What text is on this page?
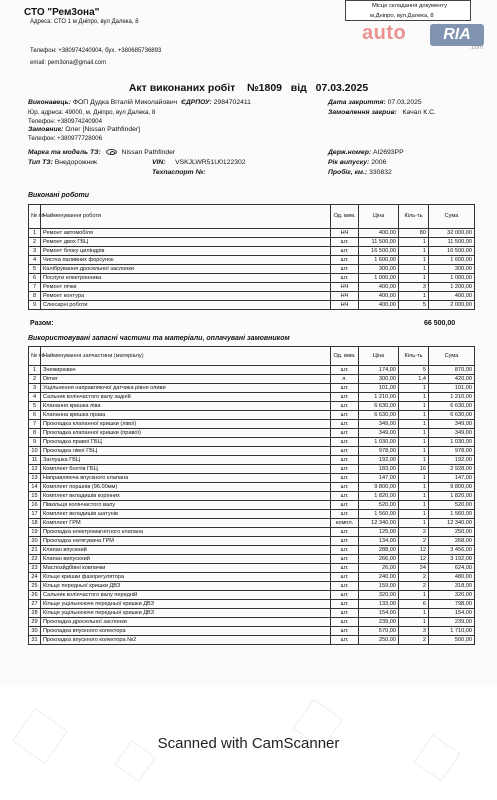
СТО "Рем3она"
Адреса: СТО 1 м Дніпро, вул Далека, 8
Телефон: +380974240904, бух. +380685736893
email: pem3ona@gmail.com
Місце складання документу
м.Дніпро, вул.Далека, 8
auto	RIA
.com
Акт виконаних робіт №1809 від 07.03.2025
Виконавець: ФОП Дудка Віталій Миколайович ЄДРПОУ: 2984702411
Юр. адреса: 49000, м. Дніпро, вул Далека, 8
Телефон: +380974240904
Дата закриття: 07.03.2025
Замовлення закрив: Качал К.С.
Замовник: Олег [Nissan Pathfinder]
Телефон: +380977728006
Марка та модель ТЗ:	Nissan Pathfinder
Тип ТЗ: Внедорожник	VIN: VSKJLWR51U0122302
Техпаспорт №:
Держ.номер: AI2693PP
Рік випуску: 2006
Пробіг, км.: 330832
Виконані роботи
№ пп	Найменування роботи	Од. вим.	Ціна	Кіль-ть	Сума
1	Ремонт автомобіля	НЧ	400,00	80	32 000,00
2	Ремонт двох ГБЦ	шт.	11 500,00	1	11 500,00
3	Ремонт блоку циліндрів	шт.	16 500,00	1	16 500,00
4	Чистка паливних форсунок	шт.	1 600,00	1	1 600,00
5	Калібрування дросельної заслонки	шт.	300,00	1	300,00
6	Послуги електронника	шт.	1 000,00	1	1 000,00
7	Ремонт пічки	НЧ	400,00	3	1 200,00
8	Ремонт контура	НЧ	400,00	1	400,00
9	Слюсарні роботи	НЧ	400,00	5	2 000,00
Разом:	66 500,00
Використовувані запасні частини та матеріали, оплачувані замовником
№ пп	Найменування запчастини (матеріалу)	Од. вим.	Ціна	Кіль-ть	Сума
1	Знежирювач	шт.	174,00	5	870,00
2	Dimer	л.	300,00	1,4	420,00
3	Ущільнення направляючої датчика рівня оливи	шт.	101,00	1	101,00
4	Сальник колінчастого валу задній	шт.	1 210,00	1	1 210,00
5	Кланання кришка ліва	шт.	6 630,00	1	6 630,00
6	Клапанна кришка права	шт.	6 630,00	1	6 630,00
7	Прокладка клапанної кришки (лівої)	шт.	349,00	1	349,00
8	Прокладка клапанної кришки (правої)	шт.	349,00	1	349,00
9	Прокладка правої ГБЦ	шт.	1 030,00	1	1 030,00
10	Прокладка лівої ГБЦ	шт.	978,00	1	978,00
11	Заглушка ГБЦ	шт.	192,00	1	192,00
12	Комплект болтів ГБЦ	шт.	183,00	16	2 928,00
13	Направляюча впускного клапана	шт.	147,00	1	147,00
14	Комплект поршнів (96.00мм)	шт.	9 800,00	1	9 800,00
15	Комплект вкладишів корінних	шт.	1 820,00	1	1 820,00
16	Півкільця колінчастого валу	шт.	520,00	1	520,00
17	Комплект вкладишів шатунів	шт.	1 560,00	1	1 560,00
18	Комплект ГРМ	компл.	12 340,00	1	12 340,00
19	Прокладка електромагнітного клапана	шт.	125,00	2	250,00
20	Прокладка натягувача ГРМ	шт.	134,00	2	268,00
21	Клапан впускний	шт.	288,00	12	3 456,00
22	Клапан випускний	шт.	266,00	12	3 192,00
23	Маслозйдбівні ковпачки	шт.	26,00	24	624,00
24	Кільце кришки фазорегулятора	шт.	240,00	2	480,00
25	Кільце передньої кришки ДВЗ	шт.	159,00	2	318,00
26	Сальник колінчастого валу передній	шт.	320,00	1	320,00
27	Кільце ущільнююче передньої кришки ДВЗ	шт.	133,00	6	798,00
28	Кільце ущільнююче передньої кришки ДВЗ	шт.	154,00	1	154,00
29	Прокладка дросельної заслонки	шт.	239,00	1	239,00
30	Прокладка впускного колектора	шт.	570,00	3	1 710,00
31	Прокладка впускного колектора №2	шт.	250,00	2	500,00
Scanned with CamScanner
